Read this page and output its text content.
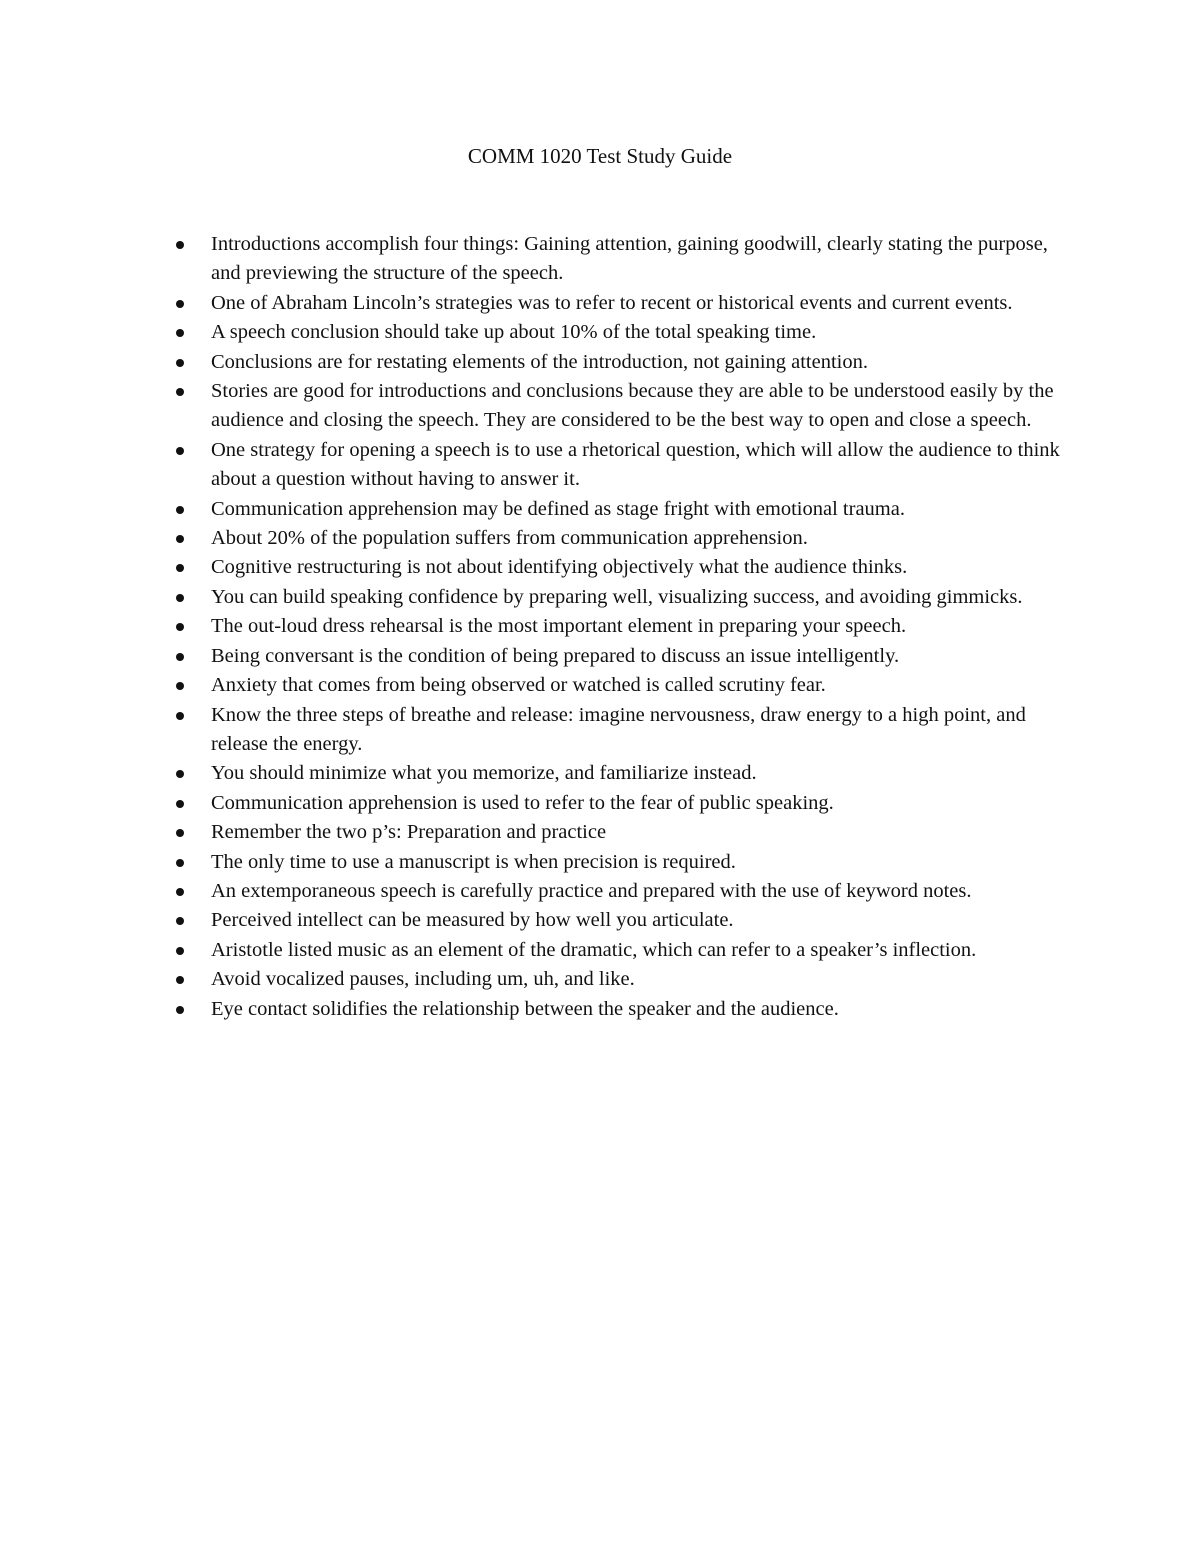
COMM 1020 Test Study Guide
Introductions accomplish four things: Gaining attention, gaining goodwill, clearly stating the purpose, and previewing the structure of the speech.
One of Abraham Lincoln’s strategies was to refer to recent or historical events and current events.
A speech conclusion should take up about 10% of the total speaking time.
Conclusions are for restating elements of the introduction, not gaining attention.
Stories are good for introductions and conclusions because they are able to be understood easily by the audience and closing the speech. They are considered to be the best way to open and close a speech.
One strategy for opening a speech is to use a rhetorical question, which will allow the audience to think about a question without having to answer it.
Communication apprehension may be defined as stage fright with emotional trauma.
About 20% of the population suffers from communication apprehension.
Cognitive restructuring is not about identifying objectively what the audience thinks.
You can build speaking confidence by preparing well, visualizing success, and avoiding gimmicks.
The out-loud dress rehearsal is the most important element in preparing your speech.
Being conversant is the condition of being prepared to discuss an issue intelligently.
Anxiety that comes from being observed or watched is called scrutiny fear.
Know the three steps of breathe and release: imagine nervousness, draw energy to a high point, and release the energy.
You should minimize what you memorize, and familiarize instead.
Communication apprehension is used to refer to the fear of public speaking.
Remember the two p’s: Preparation and practice
The only time to use a manuscript is when precision is required.
An extemporaneous speech is carefully practice and prepared with the use of keyword notes.
Perceived intellect can be measured by how well you articulate.
Aristotle listed music as an element of the dramatic, which can refer to a speaker’s inflection.
Avoid vocalized pauses, including um, uh, and like.
Eye contact solidifies the relationship between the speaker and the audience.
